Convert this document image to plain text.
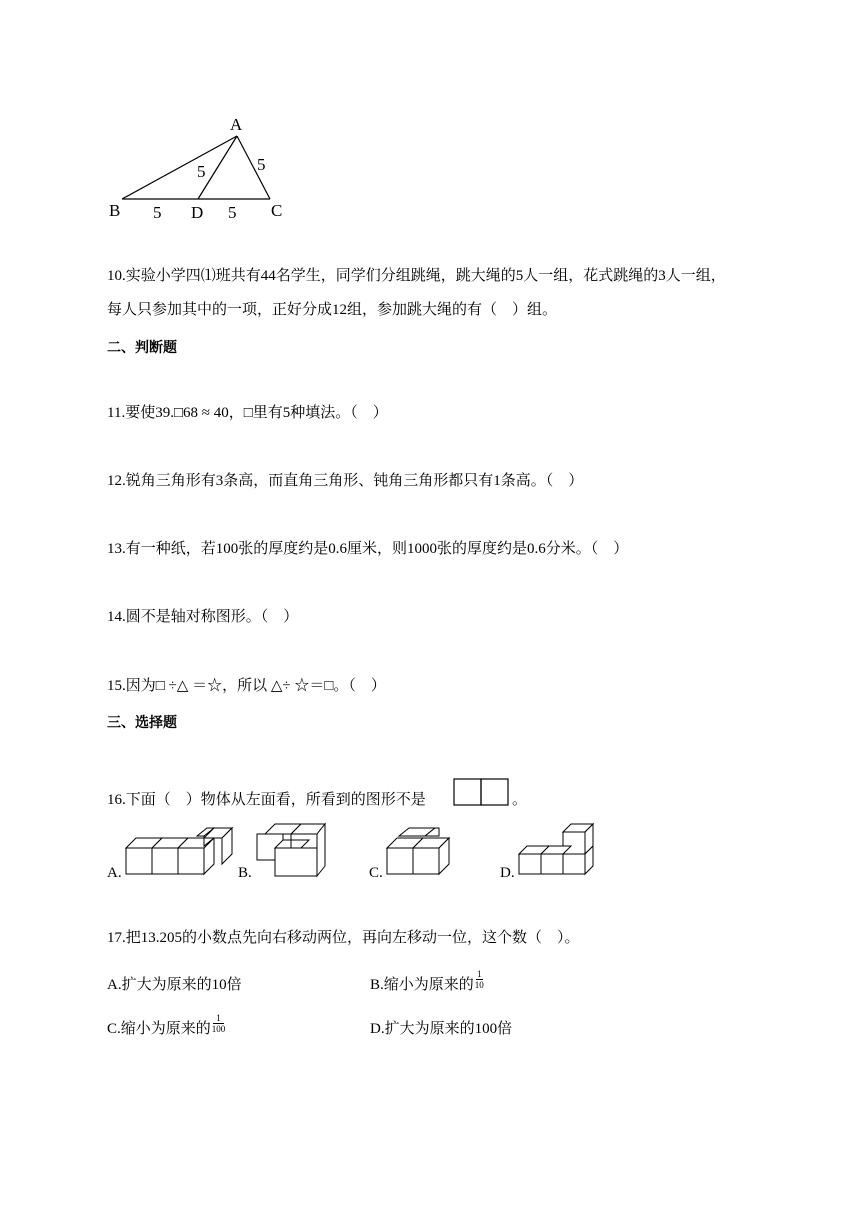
A
B	C
D
5	5
5	5
10.实验小学四⑴班共有44名学生，同学们分组跳绳，跳大绳的5人一组，花式跳绳的3人一组，
每人只参加其中的一项，正好分成12组，参加跳大绳的有（　）组。
二、判断题
11.要使39.□68 ≈ 40，□里有5种填法。（　）
12.锐角三角形有3条高，而直角三角形、钝角三角形都只有1条高。（　）
13.有一种纸，若100张的厚度约是0.6厘米，则1000张的厚度约是0.6分米。（　）
14.圆不是轴对称图形。（　）
15.因为□ ÷△ ＝☆，所以 △÷ ☆＝□。（　）
三、选择题
16.下面（　）物体从左面看，所看到的图形不是	。
A.	B.	C.	D.
17.把13.205的小数点先向右移动两位，再向左移动一位，这个数（　）。
A.扩大为原来的10倍	B.缩小为原来的 $\frac{1}{10}$
C.缩小为原来的 $\frac{1}{100}$	D.扩大为原来的100倍
